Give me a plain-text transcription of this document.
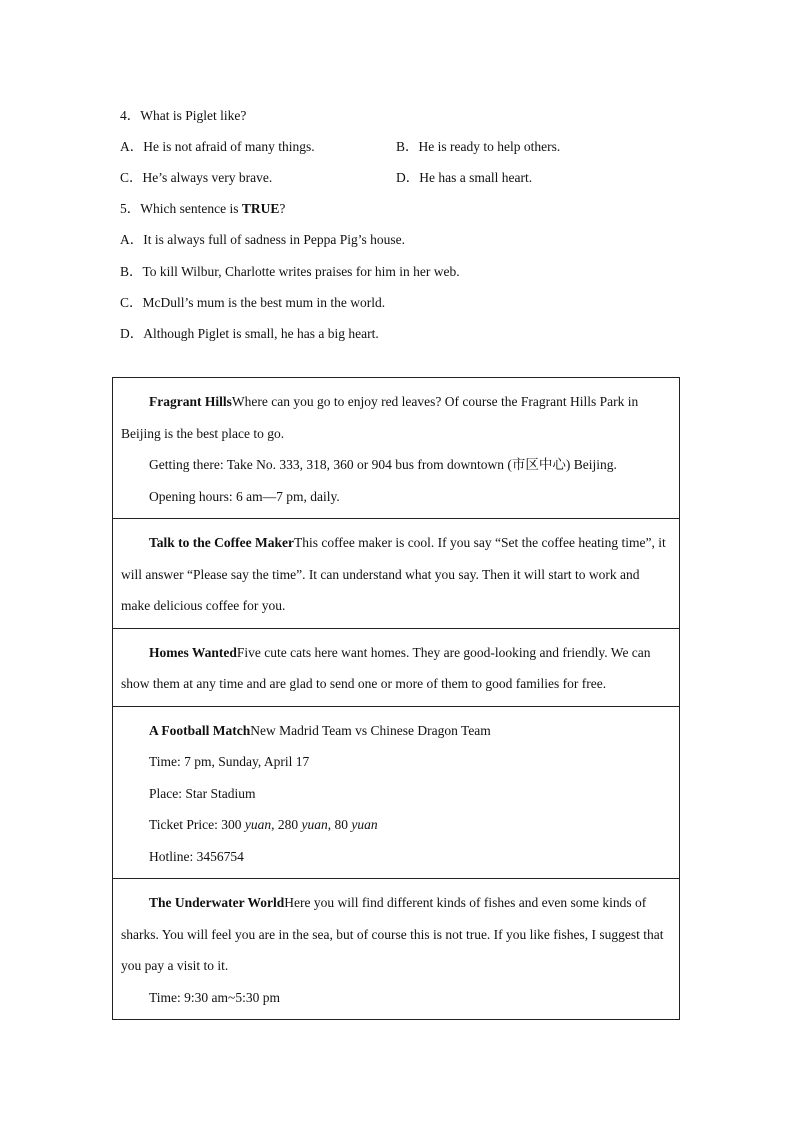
4．What is Piglet like?
A．He is not afraid of many things.	B．He is ready to help others.
C．He’s always very brave.	D．He has a small heart.
5．Which sentence is TRUE?
A．It is always full of sadness in Peppa Pig’s house.
B．To kill Wilbur, Charlotte writes praises for him in her web.
C．McDull’s mum is the best mum in the world.
D．Although Piglet is small, he has a big heart.

Fragrant HillsWhere can you go to enjoy red leaves? Of course the Fragrant Hills Park in Beijing is the best place to go.

Getting there: Take No. 333, 318, 360 or 904 bus from downtown (市区中心) Beijing.

Opening hours: 6 am—7 pm, daily.

Talk to the Coffee MakerThis coffee maker is cool. If you say “Set the coffee heating time”, it will answer “Please say the time”. It can understand what you say. Then it will start to work and make delicious coffee for you.

Homes WantedFive cute cats here want homes. They are good-looking and friendly. We can show them at any time and are glad to send one or more of them to good families for free.

A Football MatchNew Madrid Team vs Chinese Dragon Team

Time: 7 pm, Sunday, April 17

Place: Star Stadium

Ticket Price: 300 yuan, 280 yuan, 80 yuan

Hotline: 3456754

The Underwater WorldHere you will find different kinds of fishes and even some kinds of sharks. You will feel you are in the sea, but of course this is not true. If you like fishes, I suggest that you pay a visit to it.

Time: 9:30 am~5:30 pm
